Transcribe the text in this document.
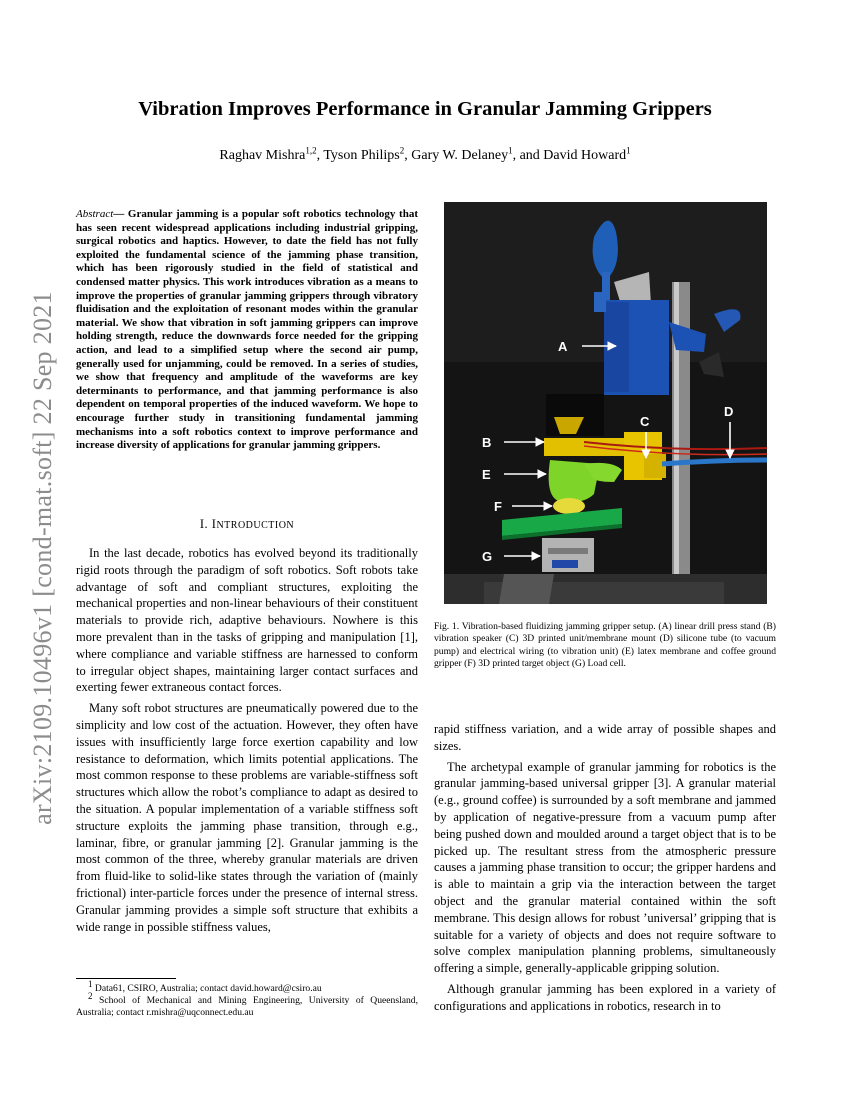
arXiv:2109.10496v1 [cond-mat.soft] 22 Sep 2021
Vibration Improves Performance in Granular Jamming Grippers
Raghav Mishra$^{1,2}$, Tyson Philips$^2$, Gary W. Delaney$^1$, and David Howard$^1$
Abstract— Granular jamming is a popular soft robotics technology that has seen recent widespread applications including industrial gripping, surgical robotics and haptics. However, to date the field has not fully exploited the fundamental science of the jamming phase transition, which has been rigorously studied in the field of statistical and condensed matter physics. This work introduces vibration as a means to improve the properties of granular jamming grippers through vibratory fluidisation and the exploitation of resonant modes within the granular material. We show that vibration in soft jamming grippers can improve holding strength, reduce the downwards force needed for the gripping action, and lead to a simplified setup where the second air pump, generally used for unjamming, could be removed. In a series of studies, we show that frequency and amplitude of the waveforms are key determinants to performance, and that jamming performance is also dependent on temporal properties of the induced waveform. We hope to encourage further study in transitioning fundamental jamming mechanisms into a soft robotics context to improve performance and increase diversity of applications for granular jamming grippers.
I. INTRODUCTION

In the last decade, robotics has evolved beyond its traditionally rigid roots through the paradigm of soft robotics. Soft robots take advantage of soft and compliant structures, exploiting the mechanical properties and non-linear behaviours of their constituent materials to provide rich, adaptive behaviours. Nowhere is this more prevalent than in the tasks of gripping and manipulation [1], where compliance and variable stiffness are harnessed to conform to irregular object shapes, maintaining larger contact surfaces and exerting fewer extraneous contact forces.

Many soft robot structures are pneumatically powered due to the simplicity and low cost of the actuation. However, they often have issues with insufficiently large force exertion capability and low resistance to deformation, which limits potential applications. The most common response to these problems are variable-stiffness soft structures which allow the robot’s compliance to adapt as desired to the situation. A popular implementation of a variable stiffness soft structure exploits the jamming phase transition, through e.g., laminar, fibre, or granular jamming [2]. Granular jamming is the most common of the three, whereby granular materials are driven from fluid-like to solid-like states through the variation of (mainly frictional) inter-particle forces under the presence of internal stress. Granular jamming provides a simple soft structure that exhibits a wide range in possible stiffness values,

$^1$ Data61, CSIRO, Australia; contact david.howard@csiro.au

$^2$ School of Mechanical and Mining Engineering, University of Queensland, Australia; contact r.mishra@uqconnect.edu.au

A
B
C
D
E
F
G
Fig. 1. Vibration-based fluidizing jamming gripper setup. (A) linear drill press stand (B) vibration speaker (C) 3D printed unit/membrane mount (D) silicone tube (to vacuum pump) and electrical wiring (to vibration unit) (E) latex membrane and coffee ground gripper (F) 3D printed target object (G) Load cell.

rapid stiffness variation, and a wide array of possible shapes and sizes.

The archetypal example of granular jamming for robotics is the granular jamming-based universal gripper [3]. A granular material (e.g., ground coffee) is surrounded by a soft membrane and jammed by application of negative-pressure from a vacuum pump after being pushed down and moulded around a target object that is to be picked up. The resultant stress from the atmospheric pressure causes a jamming phase transition to occur; the gripper hardens and is able to maintain a grip via the interaction between the target object and the granular material contained within the soft membrane. This design allows for robust ’universal’ gripping that is suitable for a variety of objects and does not require software to solve complex manipulation planning problems, simultaneously offering a simple, generally-applicable gripping solution.

Although granular jamming has been explored in a variety of configurations and applications in robotics, research in to
